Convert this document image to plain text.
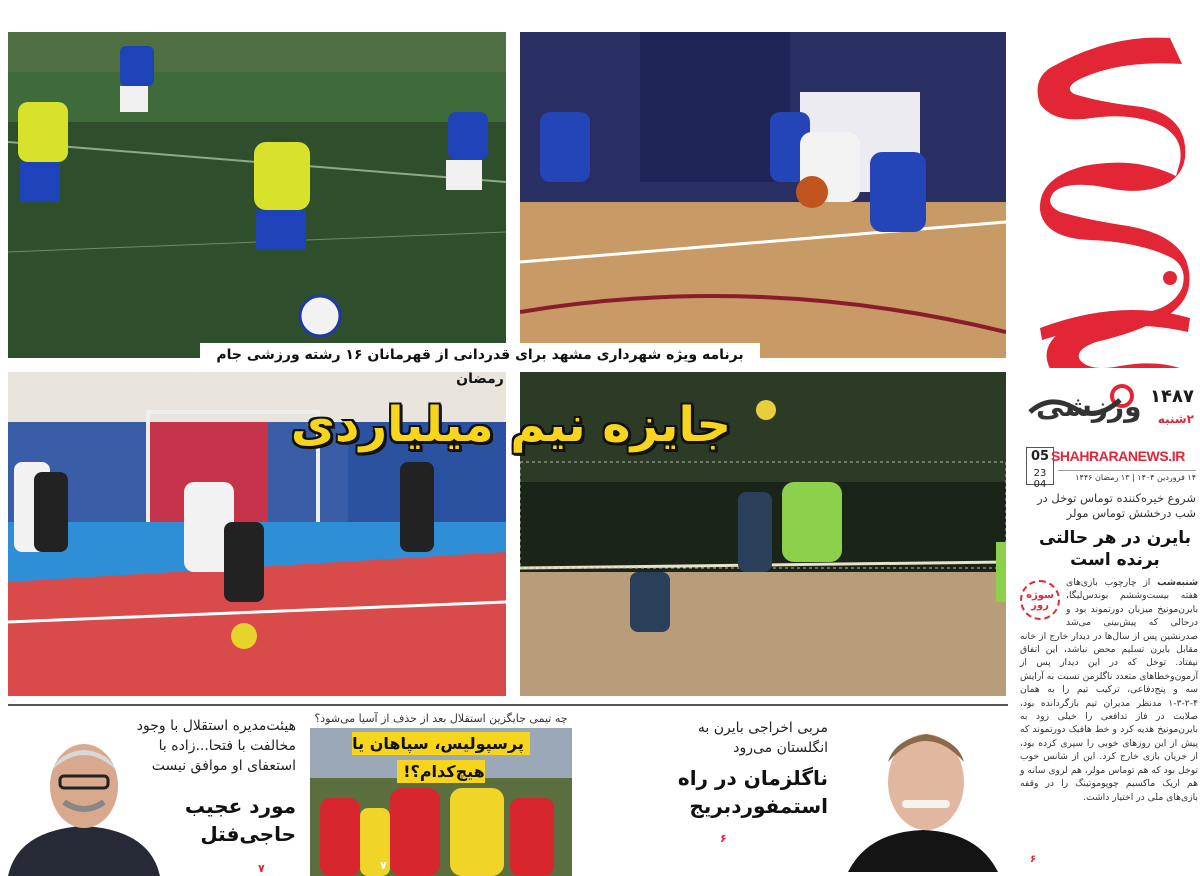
ورزشی ۱۴۸۷
۲شنبه
05
23 04
SHAHRARANEWS.IR
۱۴ فروردین ۱۴۰۴ | ۱۳ رمضان ۱۴۴۶
شروع خیره‌کننده توماس توخل در شب درخشش توماس مولر
بایرن در هر حالتی برنده است
سوژه روز
شنبه‌شب از چارچوب بازی‌های هفته بیست‌وششم بوندس‌لیگا، بایرن‌مونیخ میزبان دورتموند بود و درحالی که پیش‌بینی می‌شد صدرنشین پس از سال‌ها در دیدار خارج از خانه مقابل بایرن تسلیم محض نباشد، این اتفاق نیفتاد. توخل که در این دیدار پس از آزمون‌وخطاهای متعدد ناگلزمن نسبت به آرایش سه و پنج‌دفاعی، ترکیب تیم را به همان ۴-۲-۳-۱ مدنظر مدیران تیم بازگردانده بود، صلابت در فاز تدافعی را خیلی زود به بایرن‌مونیخ هدیه کرد و خط هافبک دورتموند که پیش از این روزهای خوبی را سپری کرده بود، از جریان بازی خارج کرد. این از شانس خوب توخل بود که هم توماس مولر، هم لروی سانه و هم اریک ماکسیم چوپوموتینگ را در وقفه بازی‌های ملی در اختیار داشت.
۶
برنامه ویژه شهرداری مشهد برای قدردانی از قهرمانان ۱۶ رشته ورزشی جام رمضان
جایزه نیم میلیاردی
مربی اخراجی بایرن به انگلستان می‌رود
ناگلزمان در راه استمفوردبریج
۶
چه تیمی جایگزین استقلال بعد از حذف از آسیا می‌شود؟
پرسپولیس، سپاهان یا هیچ‌کدام؟!
۷
هیئت‌مدیره استقلال با وجود مخالفت با فتحا...زاده با استعفای او موافق نیست
مورد عجیب حاجی‌فتل
۷
